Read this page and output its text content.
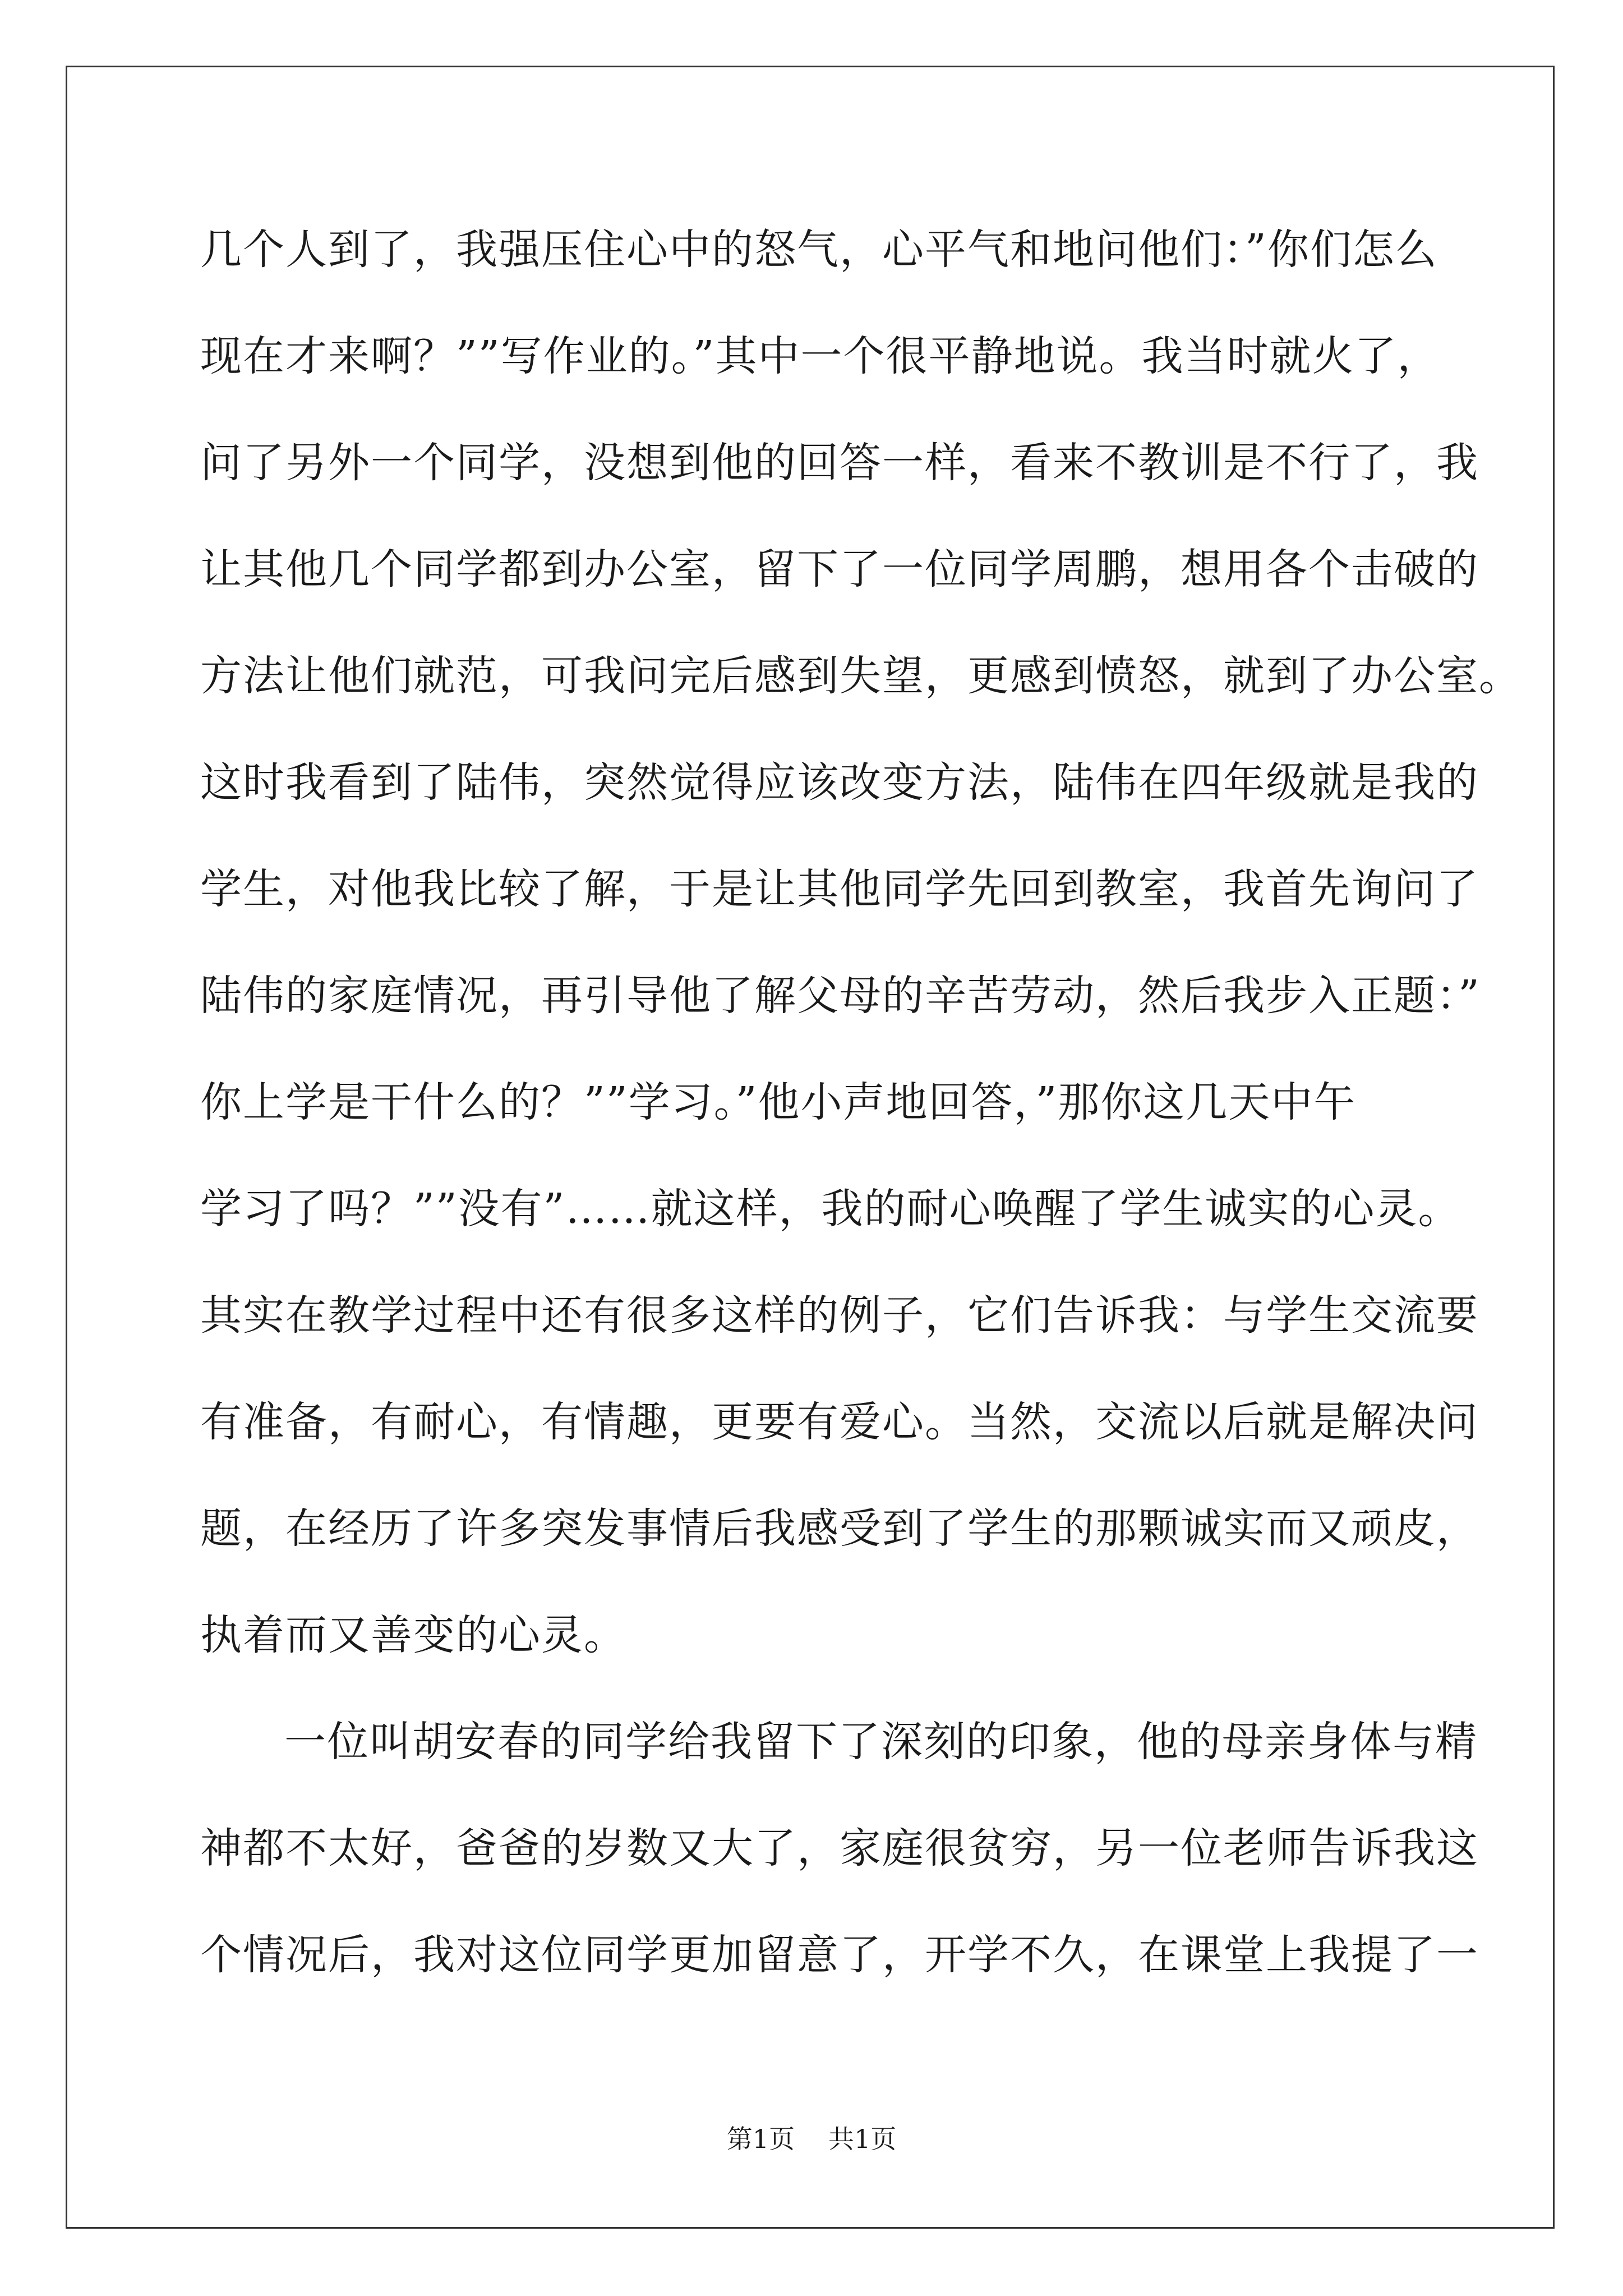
几个人到了，我强压住心中的怒气，心平气和地问他们：”你们怎么
现在才来啊？””写作业的。”其中一个很平静地说。我当时就火了，
问了另外一个同学，没想到他的回答一样，看来不教训是不行了，我
让其他几个同学都到办公室，留下了一位同学周鹏，想用各个击破的
方法让他们就范，可我问完后感到失望，更感到愤怒，就到了办公室。
这时我看到了陆伟，突然觉得应该改变方法，陆伟在四年级就是我的
学生，对他我比较了解，于是让其他同学先回到教室，我首先询问了
陆伟的家庭情况，再引导他了解父母的辛苦劳动，然后我步入正题：”
你上学是干什么的？””学习。”他小声地回答，”那你这几天中午
学习了吗？””没有”……就这样，我的耐心唤醒了学生诚实的心灵。
其实在教学过程中还有很多这样的例子，它们告诉我：与学生交流要
有准备，有耐心，有情趣，更要有爱心。当然，交流以后就是解决问
题，在经历了许多突发事情后我感受到了学生的那颗诚实而又顽皮，
执着而又善变的心灵。
一位叫胡安春的同学给我留下了深刻的印象，他的母亲身体与精
神都不太好，爸爸的岁数又大了，家庭很贫穷，另一位老师告诉我这
个情况后，我对这位同学更加留意了，开学不久，在课堂上我提了一
第1页 共1页
